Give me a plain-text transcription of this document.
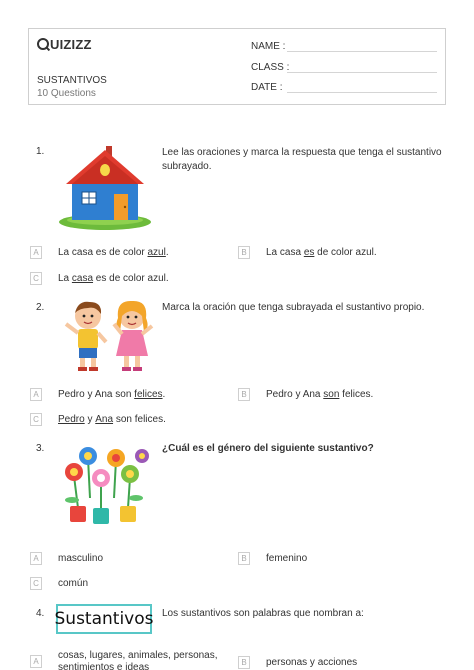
UIZIZZ
SUSTANTIVOS
10 Questions
NAME :
CLASS :
DATE :
1.	Lee las oraciones y marca la respuesta que tenga el sustantivo subrayado.
A	La casa es de color azul .	B	La casa es de color azul.
C	La casa es de color azul.
2.	Marca la oración que tenga subrayada el sustantivo propio.
A	Pedro y Ana son felices .	B	Pedro y Ana son felices.
C	Pedro y Ana son felices.
3.	¿Cuál es el género del siguiente sustantivo?
A	masculino	B	femenino
C	común
4. Sustantivos Los sustantivos son palabras que nombran a:
A
cosas, lugares, animales, personas,
sentimientos e ideas	B	personas y acciones
